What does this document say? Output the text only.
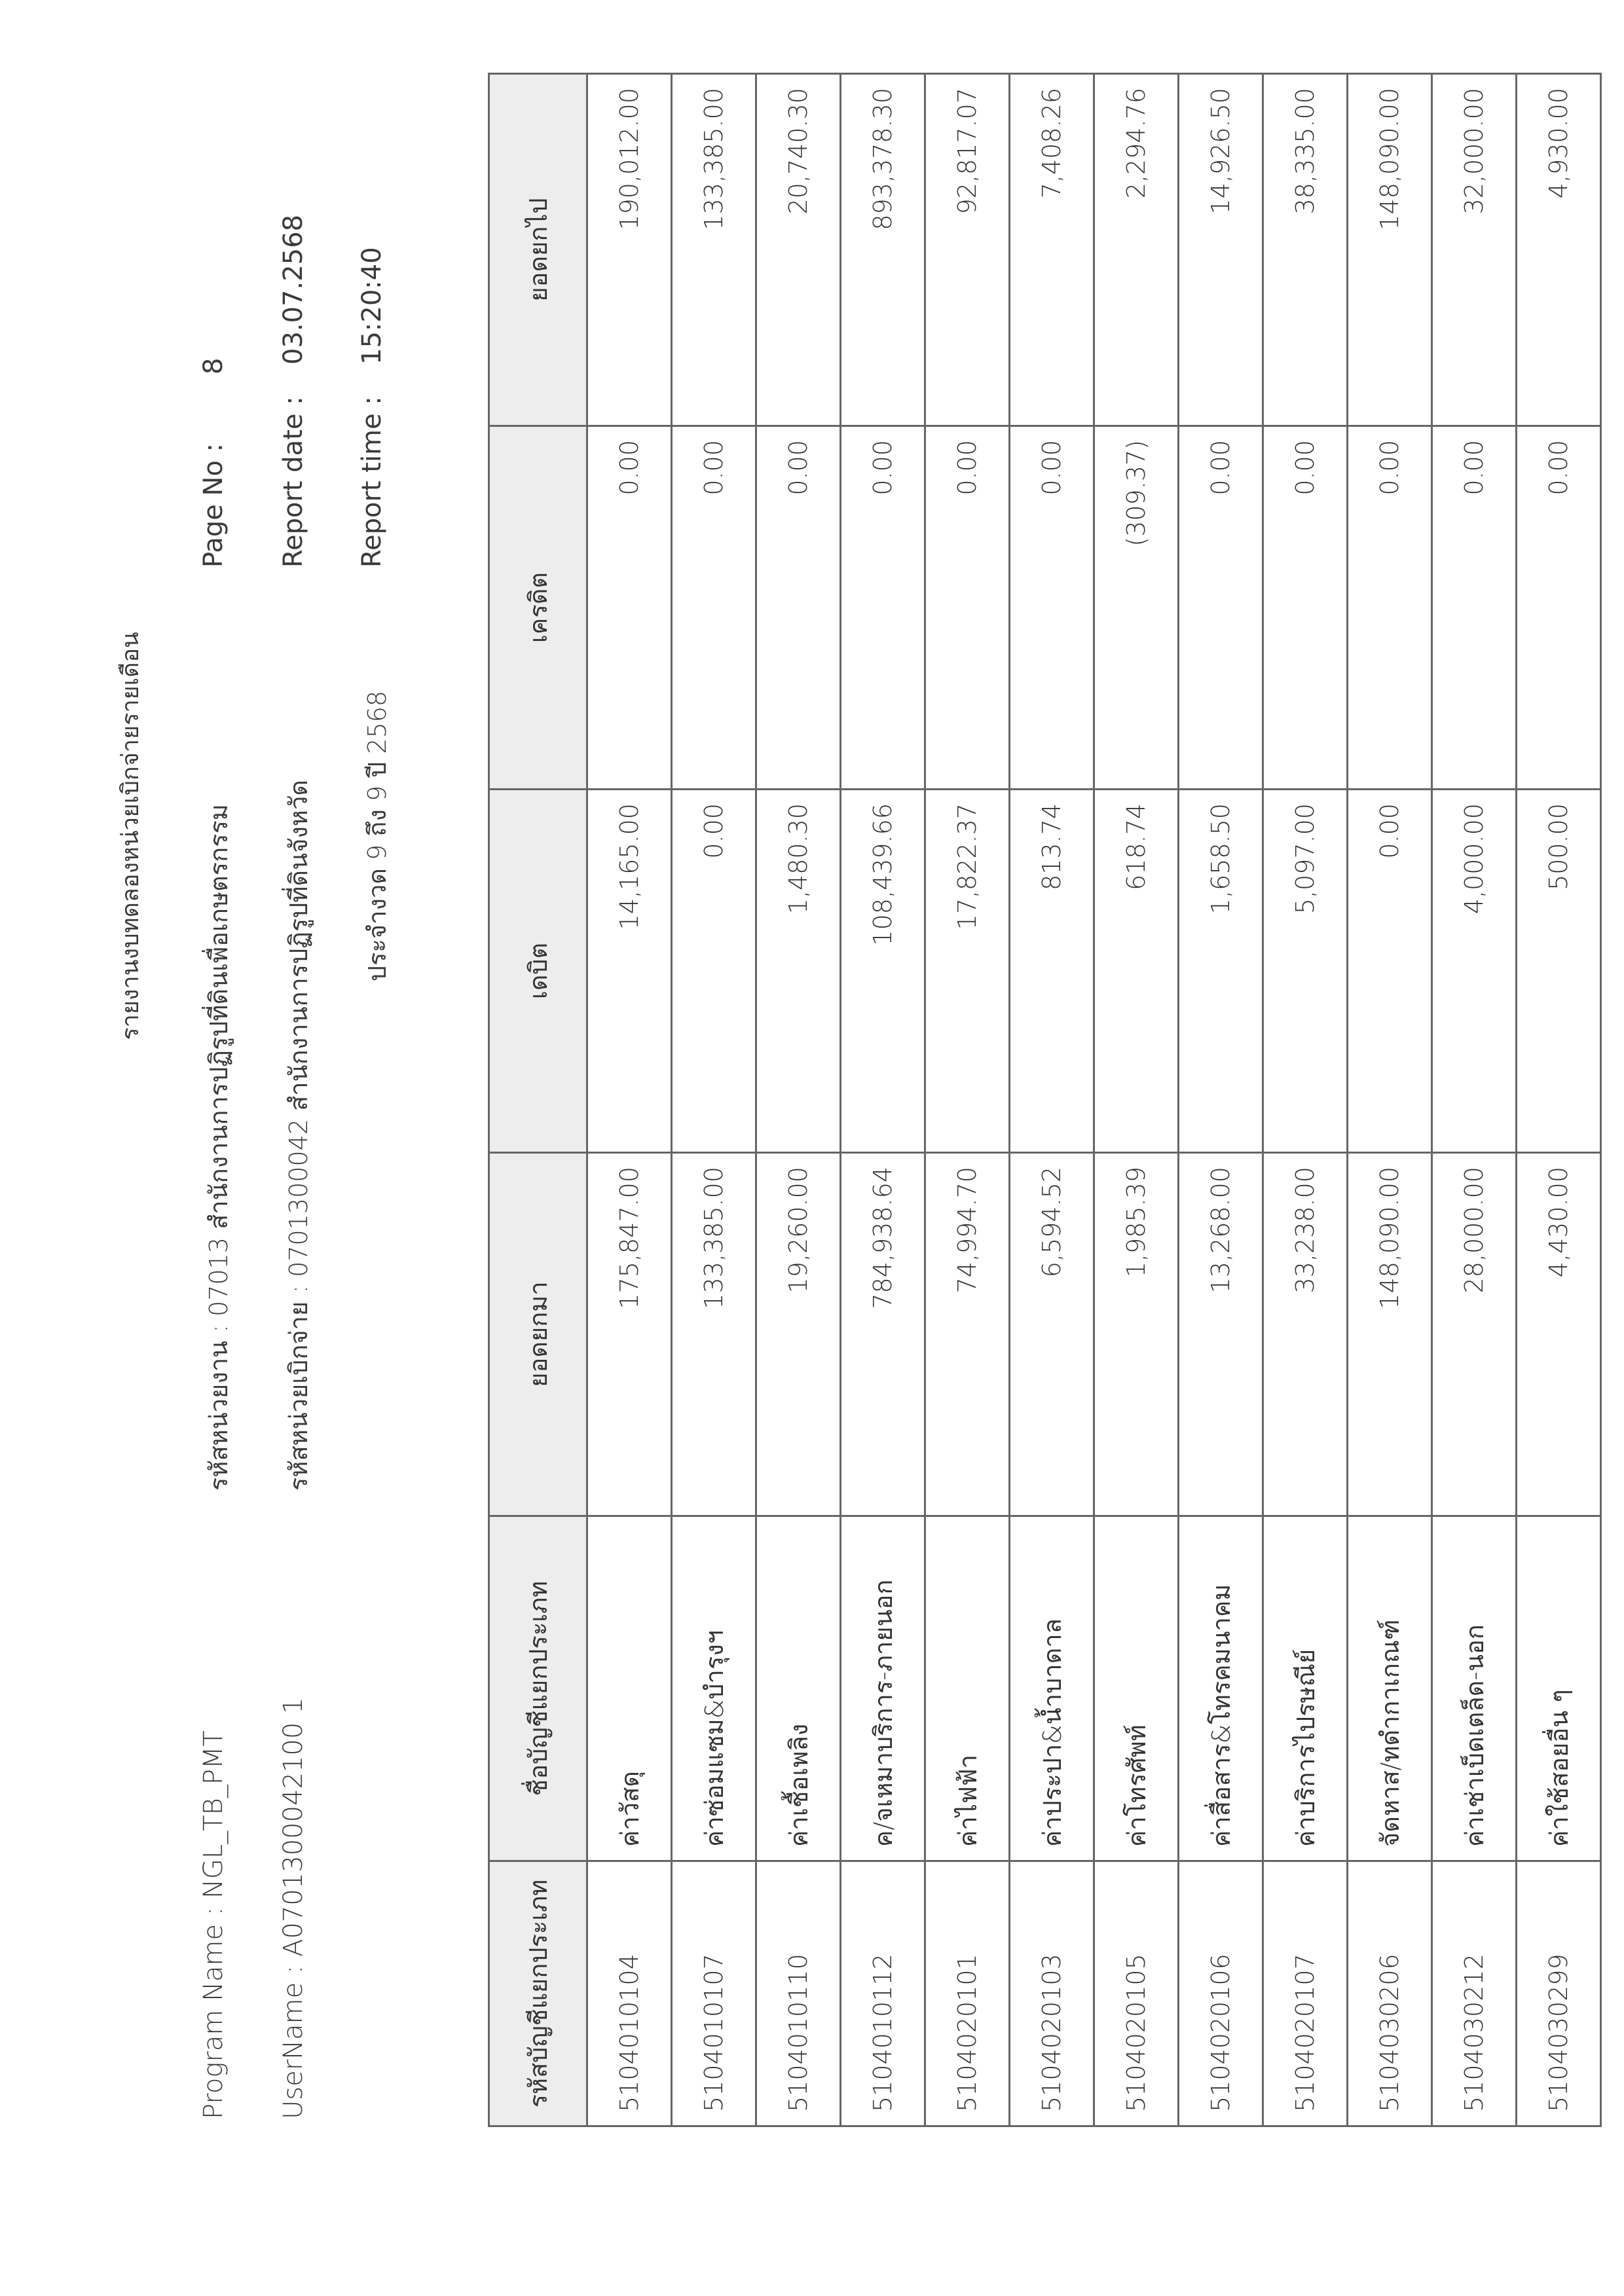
Program Name : NGL_TB_PMT UserName : A0701300042100 1
รายงานงบทดลองหน่วยเบิกจ่ายรายเดือน รหัสหน่วยงาน : 07013 สำนักงานการปฏิรูปที่ดินเพื่อเกษตรกรรม รหัสหน่วยเบิกจ่าย : 0701300042 สำนักงานการปฏิรูปที่ดินจังหวัด ประจำงวด 9 ถึง 9 ปี 2568
Page No :
8
Report date :
03.07.2568
Report time :
15:20:40
รหัสบัญชีแยกประเภท	ชื่อบัญชีแยกประเภท	ยอดยกมา	เดบิต	เครดิต	ยอดยกไป
5104010104	ค่าวัสดุ	175,847.00	14,165.00	0.00	190,012.00
5104010107	ค่าซ่อมแซม&บำรุงฯ	133,385.00	0.00	0.00	133,385.00
5104010110	ค่าเชื้อเพลิง	19,260.00	1,480.30	0.00	20,740.30
5104010112	ค/จเหมาบริการ-ภายนอก	784,938.64	108,439.66	0.00	893,378.30
5104020101	ค่าไฟฟ้า	74,994.70	17,822.37	0.00	92,817.07
5104020103	ค่าประปา&น้ำบาดาล	6,594.52	813.74	0.00	7,408.26
5104020105	ค่าโทรศัพท์	1,985.39	618.74	(309.37)	2,294.76
5104020106	ค่าสื่อสาร&โทรคมนาคม	13,268.00	1,658.50	0.00	14,926.50
5104020107	ค่าบริการไปรษณีย์	33,238.00	5,097.00	0.00	38,335.00
5104030206	จัดหาส/ทดำกาเกณฑ์	148,090.00	0.00	0.00	148,090.00
5104030212	ค่าเช่าเบ็ดเตล็ด-นอก	28,000.00	4,000.00	0.00	32,000.00
5104030299	ค่าใช้สอยอื่น ๆ	4,430.00	500.00	0.00	4,930.00
